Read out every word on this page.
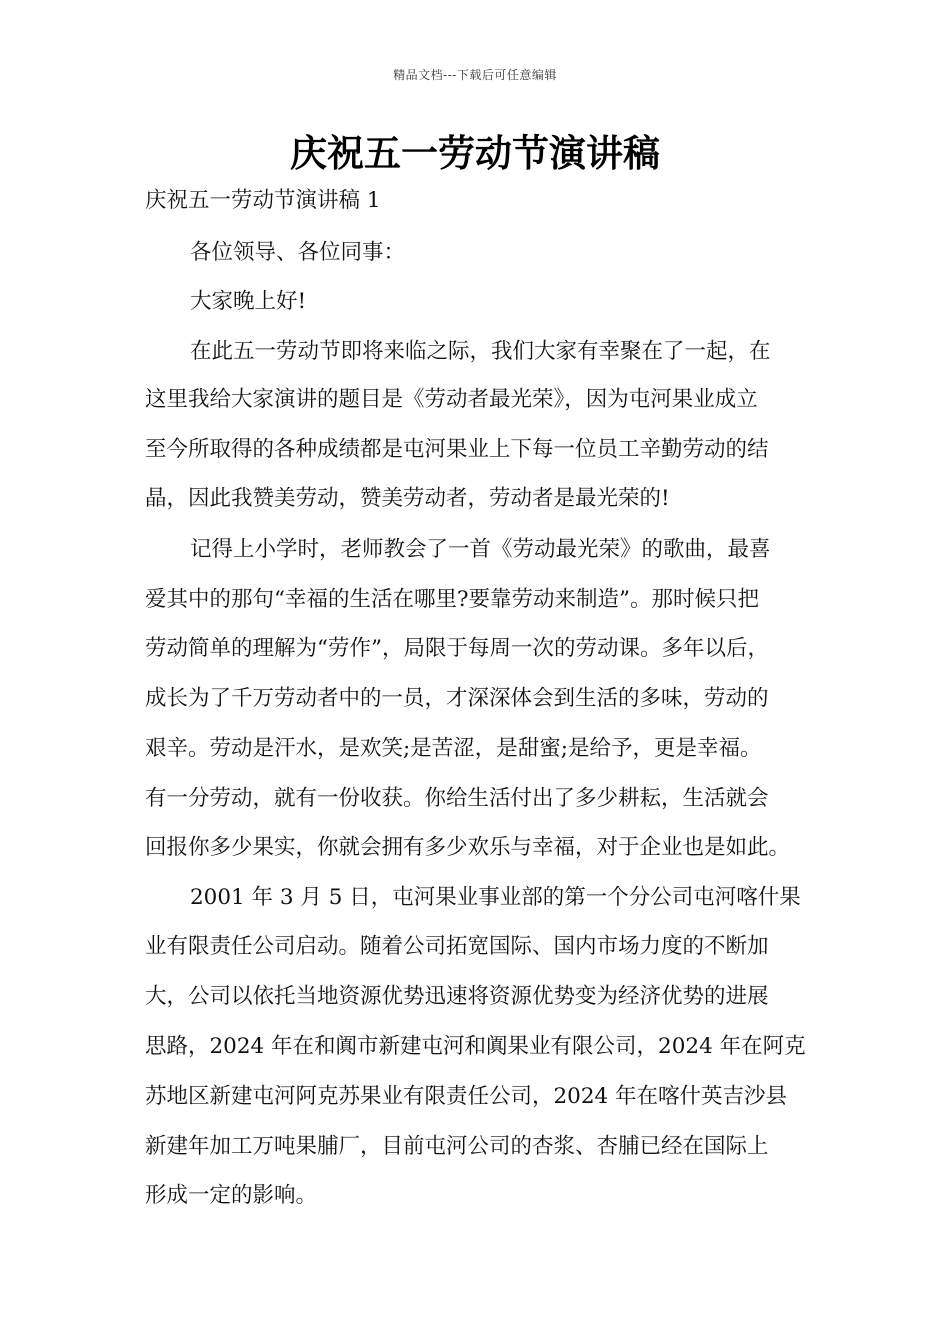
精品文档---下载后可任意编辑
庆祝五一劳动节演讲稿
庆祝五一劳动节演讲稿 1
各位领导、各位同事：
大家晚上好!
在此五一劳动节即将来临之际，我们大家有幸聚在了一起，在
这里我给大家演讲的题目是《劳动者最光荣》，因为屯河果业成立
至今所取得的各种成绩都是屯河果业上下每一位员工辛勤劳动的结
晶，因此我赞美劳动，赞美劳动者，劳动者是最光荣的!
记得上小学时，老师教会了一首《劳动最光荣》的歌曲，最喜
爱其中的那句“幸福的生活在哪里?要靠劳动来制造”。那时候只把
劳动简单的理解为“劳作”，局限于每周一次的劳动课。多年以后，
成长为了千万劳动者中的一员，才深深体会到生活的多味，劳动的
艰辛。劳动是汗水，是欢笑;是苦涩，是甜蜜;是给予，更是幸福。
有一分劳动，就有一份收获。你给生活付出了多少耕耘，生活就会
回报你多少果实，你就会拥有多少欢乐与幸福，对于企业也是如此。
2001 年 3 月 5 日，屯河果业事业部的第一个分公司屯河喀什果
业有限责任公司启动。随着公司拓宽国际、国内市场力度的不断加
大，公司以依托当地资源优势迅速将资源优势变为经济优势的进展
思路，2024 年在和阗市新建屯河和阗果业有限公司，2024 年在阿克
苏地区新建屯河阿克苏果业有限责任公司，2024 年在喀什英吉沙县
新建年加工万吨果脯厂，目前屯河公司的杏浆、杏脯已经在国际上
形成一定的影响。
